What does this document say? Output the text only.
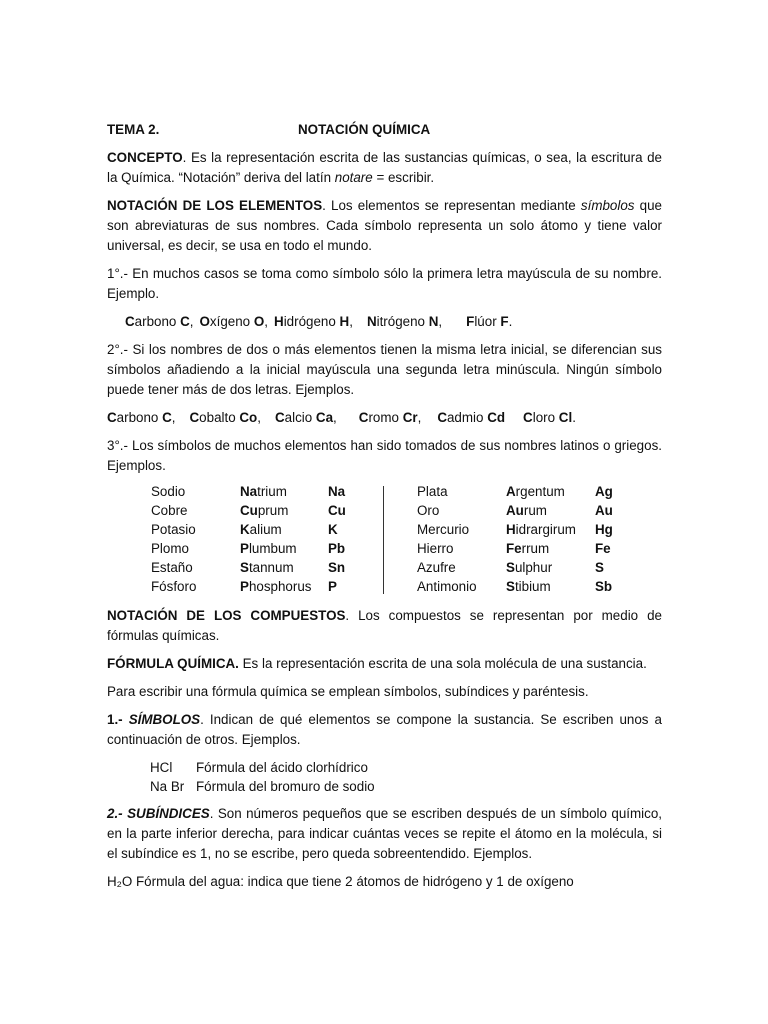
TEMA 2.	NOTACIÓN QUÍMICA

CONCEPTO. Es la representación escrita de las sustancias químicas, o sea, la escritura de la Química. “Notación” deriva del latín notare = escribir.

NOTACIÓN DE LOS ELEMENTOS. Los elementos se representan mediante símbolos que son abreviaturas de sus nombres. Cada símbolo representa un solo átomo y tiene valor universal, es decir, se usa en todo el mundo.

1°.- En muchos casos se toma como símbolo sólo la primera letra mayúscula de su nombre. Ejemplo.

Carbono C, Oxígeno O, Hidrógeno H, Nitrógeno N, Flúor F.

2°.- Si los nombres de dos o más elementos tienen la misma letra inicial, se diferencian sus símbolos añadiendo a la inicial mayúscula una segunda letra minúscula. Ningún símbolo puede tener más de dos letras. Ejemplos.

Carbono C, Cobalto Co, Calcio Ca, Cromo Cr, Cadmio Cd Cloro Cl.

3°.- Los símbolos de muchos elementos han sido tomados de sus nombres latinos o griegos. Ejemplos.

Sodio
Cobre
Potasio
Plomo
Estaño
Fósforo
Natrium
Cuprum
Kalium
Plumbum
Stannum
Phosphorus
Na
Cu
K
Pb
Sn
P
Plata
Oro
Mercurio
Hierro
Azufre
Antimonio
Argentum
Aurum
Hidrargirum
Ferrum
Sulphur
Stibium
Ag
Au
Hg
Fe
S
Sb

NOTACIÓN DE LOS COMPUESTOS. Los compuestos se representan por medio de fórmulas químicas.

FÓRMULA QUÍMICA. Es la representación escrita de una sola molécula de una sustancia.

Para escribir una fórmula química se emplean símbolos, subíndices y paréntesis.

1.- SÍMBOLOS. Indican de qué elementos se compone la sustancia. Se escriben unos a continuación de otros. Ejemplos.

HCl Fórmula del ácido clorhídrico
Na Br Fórmula del bromuro de sodio

2.- SUBÍNDICES. Son números pequeños que se escriben después de un símbolo químico, en la parte inferior derecha, para indicar cuántas veces se repite el átomo en la molécula, si el subíndice es 1, no se escribe, pero queda sobreentendido. Ejemplos.

H₂O Fórmula del agua: indica que tiene 2 átomos de hidrógeno y 1 de oxígeno
